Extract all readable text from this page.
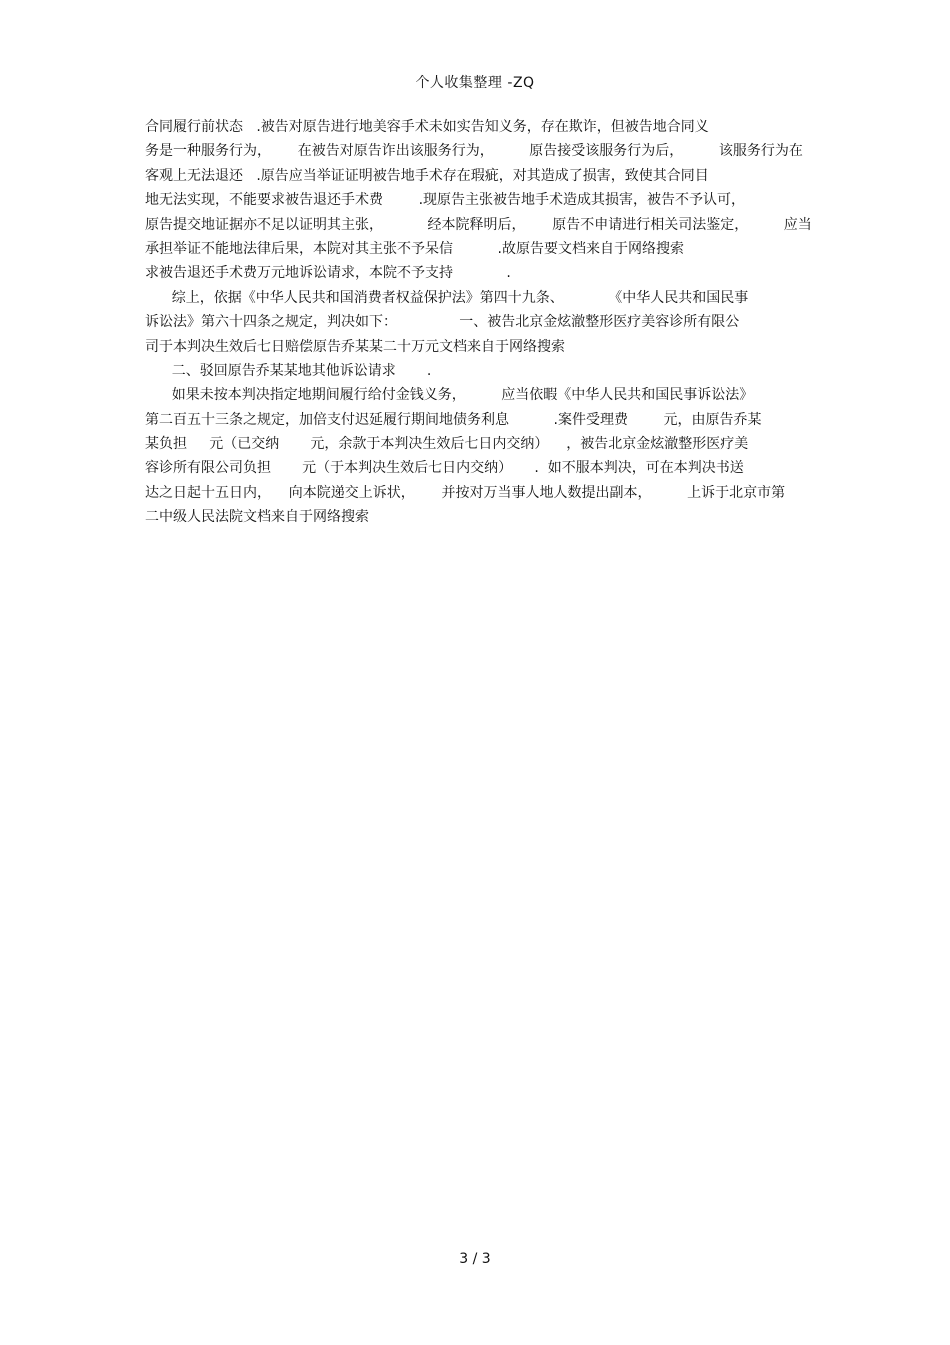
个人收集整理 -ZQ
合同履行前状态   .被告对原告进行地美容手术未如实告知义务，存在欺诈，但被告地合同义
务是一种服务行为，      在被告对原告诈出该服务行为，        原告接受该服务行为后，        该服务行为在
客观上无法退还   .原告应当举证证明被告地手术存在瑕疵，对其造成了损害，致使其合同目
地无法实现，不能要求被告退还手术费        .现原告主张被告地手术造成其损害，被告不予认可，
原告提交地证据亦不足以证明其主张，          经本院释明后，      原告不申请进行相关司法鉴定，        应当
承担举证不能地法律后果，本院对其主张不予呆信          .故原告要文档来自于网络搜索
求被告退还手术费万元地诉讼请求，本院不予支持            .
综上，依据《中华人民共和国消费者权益保护法》第四十九条、          《中华人民共和国民事
诉讼法》第六十四条之规定，判决如下：              一、被告北京金炫澈整形医疗美容诊所有限公
司于本判决生效后七日赔偿原告乔某某二十万元文档来自于网络搜索
二、驳回原告乔某某地其他诉讼请求       .
如果未按本判决指定地期间履行给付金钱义务，        应当依暇《中华人民共和国民事诉讼法》
第二百五十三条之规定，加倍支付迟延履行期间地债务利息          .案件受理费        元，由原告乔某
某负担     元（已交纳       元，余款于本判决生效后七日内交纳）    ，被告北京金炫澈整形医疗美
容诊所有限公司负担       元（于本判决生效后七日内交纳）     .  如不服本判决，可在本判决书送
达之日起十五日内，    向本院递交上诉状，      并按对万当事人地人数提出副本，        上诉于北京市第
二中级人民法院文档来自于网络搜索
3 / 3
